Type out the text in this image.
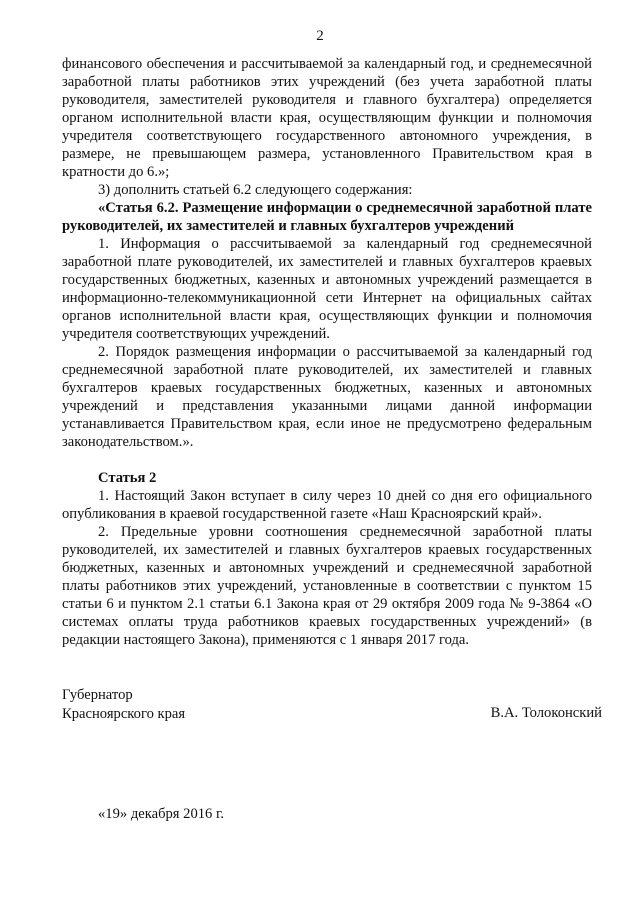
2

финансового обеспечения и рассчитываемой за календарный год, и среднемесячной заработной платы работников этих учреждений (без учета заработной платы руководителя, заместителей руководителя и главного бухгалтера) определяется органом исполнительной власти края, осуществляющим функции и полномочия учредителя соответствующего государственного автономного учреждения, в размере, не превышающем размера, установленного Правительством края в кратности до 6.»;

3) дополнить статьей 6.2 следующего содержания:

«Статья 6.2. Размещение информации о среднемесячной заработной плате руководителей, их заместителей и главных бухгалтеров учреждений

1. Информация о рассчитываемой за календарный год среднемесячной заработной плате руководителей, их заместителей и главных бухгалтеров краевых государственных бюджетных, казенных и автономных учреждений размещается в информационно-телекоммуникационной сети Интернет на официальных сайтах органов исполнительной власти края, осуществляющих функции и полномочия учредителя соответствующих учреждений.

2. Порядок размещения информации о рассчитываемой за календарный год среднемесячной заработной плате руководителей, их заместителей и главных бухгалтеров краевых государственных бюджетных, казенных и автономных учреждений и представления указанными лицами данной информации устанавливается Правительством края, если иное не предусмотрено федеральным законодательством.».

Статья 2

1. Настоящий Закон вступает в силу через 10 дней со дня его официального опубликования в краевой государственной газете «Наш Красноярский край».

2. Предельные уровни соотношения среднемесячной заработной платы руководителей, их заместителей и главных бухгалтеров краевых государственных бюджетных, казенных и автономных учреждений и среднемесячной заработной платы работников этих учреждений, установленные в соответствии с пунктом 15 статьи 6 и пунктом 2.1 статьи 6.1 Закона края от 29 октября 2009 года № 9-3864 «О системах оплаты труда работников краевых государственных учреждений» (в редакции настоящего Закона), применяются с 1 января 2017 года.

Губернатор
Красноярского края	В.А. Толоконский
«19» декабря 2016 г.
